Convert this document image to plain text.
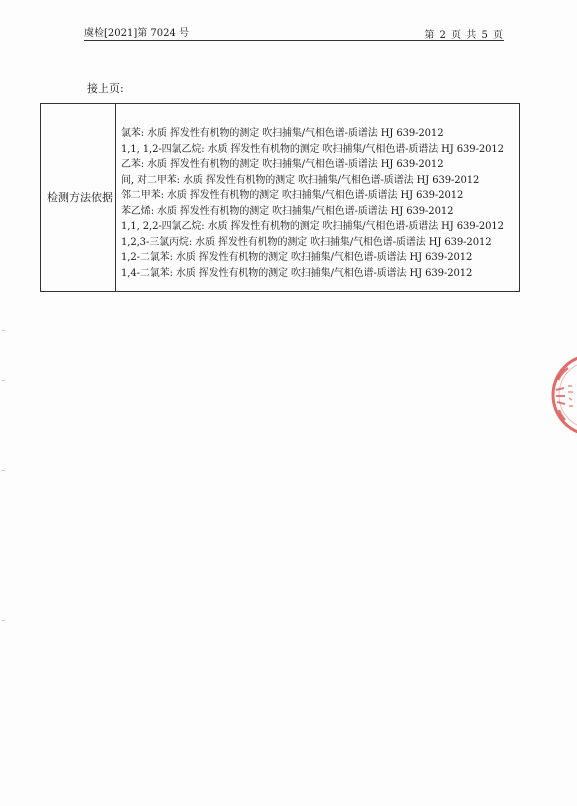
虞检[2021]第 7024 号	第 2 页 共 5 页
接上页:
检测方法依据
氯苯: 水质 挥发性有机物的测定 吹扫捕集/气相色谱-质谱法 HJ 639-2012
1,1, 1,2-四氯乙烷: 水质 挥发性有机物的测定 吹扫捕集/气相色谱-质谱法 HJ 639-2012
乙苯: 水质 挥发性有机物的测定 吹扫捕集/气相色谱-质谱法 HJ 639-2012
间, 对二甲苯: 水质 挥发性有机物的测定 吹扫捕集/气相色谱-质谱法 HJ 639-2012
邻二甲苯: 水质 挥发性有机物的测定 吹扫捕集/气相色谱-质谱法 HJ 639-2012
苯乙烯: 水质 挥发性有机物的测定 吹扫捕集/气相色谱-质谱法 HJ 639-2012
1,1, 2,2-四氯乙烷: 水质 挥发性有机物的测定 吹扫捕集/气相色谱-质谱法 HJ 639-2012
1,2,3-三氯丙烷: 水质 挥发性有机物的测定 吹扫捕集/气相色谱-质谱法 HJ 639-2012
1,2-二氯苯: 水质 挥发性有机物的测定 吹扫捕集/气相色谱-质谱法 HJ 639-2012
1,4-二氯苯: 水质 挥发性有机物的测定 吹扫捕集/气相色谱-质谱法 HJ 639-2012
